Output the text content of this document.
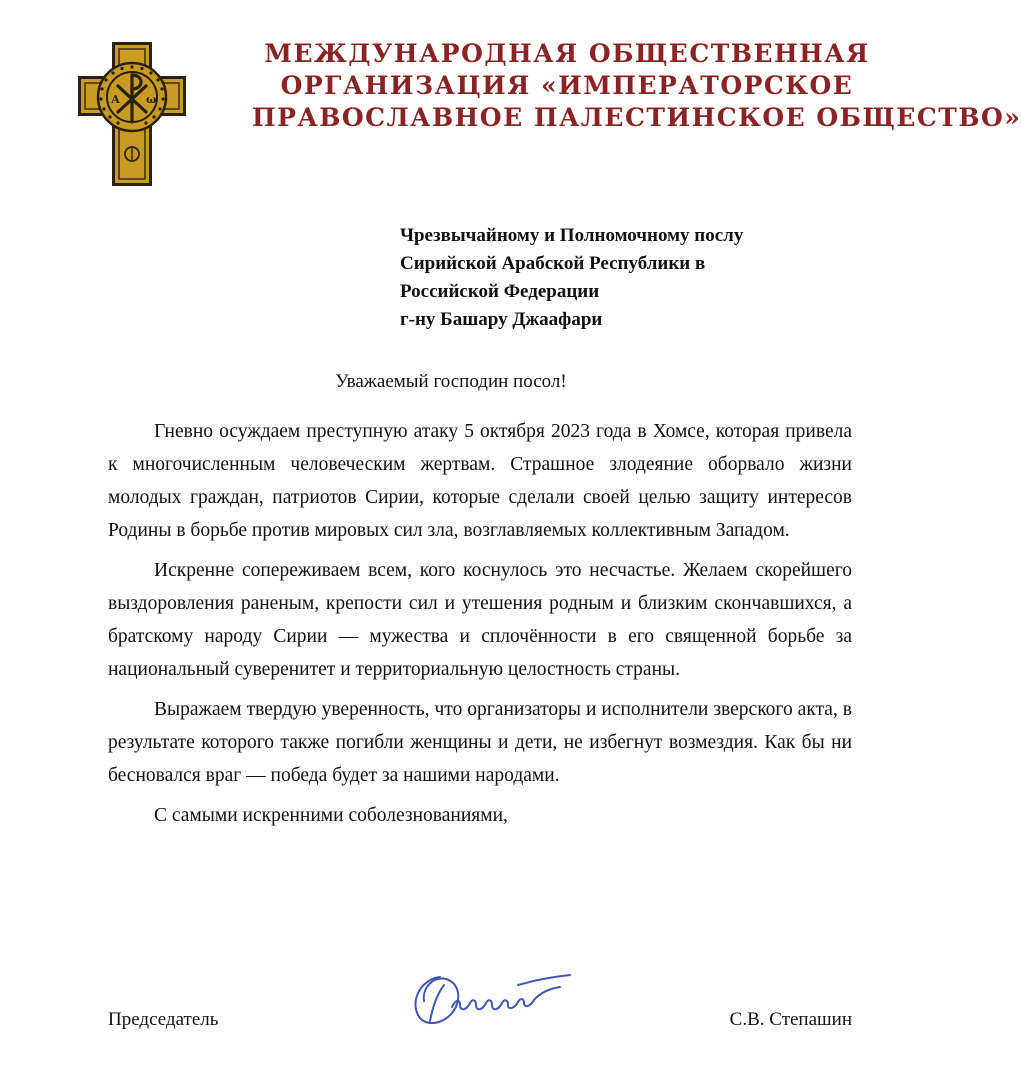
А ω
МЕЖДУНАРОДНАЯ ОБЩЕСТВЕННАЯ
ОРГАНИЗАЦИЯ «ИМПЕРАТОРСКОЕ
ПРАВОСЛАВНОЕ ПАЛЕСТИНСКОЕ ОБЩЕСТВО»
Чрезвычайному и Полномочному послу
Сирийской Арабской Республики в
Российской Федерации
г-ну Башару Джаафари
Уважаемый господин посол!

Гневно осуждаем преступную атаку 5 октября 2023 года в Хомсе, которая привела к многочисленным человеческим жертвам. Страшное злодеяние оборвало жизни молодых граждан, патриотов Сирии, которые сделали своей целью защиту интересов Родины в борьбе против мировых сил зла, возглавляемых коллективным Западом.

Искренне сопереживаем всем, кого коснулось это несчастье. Желаем скорейшего выздоровления раненым, крепости сил и утешения родным и близким скончавшихся, а братскому народу Сирии — мужества и сплочённости в его священной борьбе за национальный суверенитет и территориальную целостность страны.

Выражаем твердую уверенность, что организаторы и исполнители зверского акта, в результате которого также погибли женщины и дети, не избегнут возмездия. Как бы ни бесновался враг — победа будет за нашими народами.

С самыми искренними соболезнованиями,

Председатель	С.В. Степашин
